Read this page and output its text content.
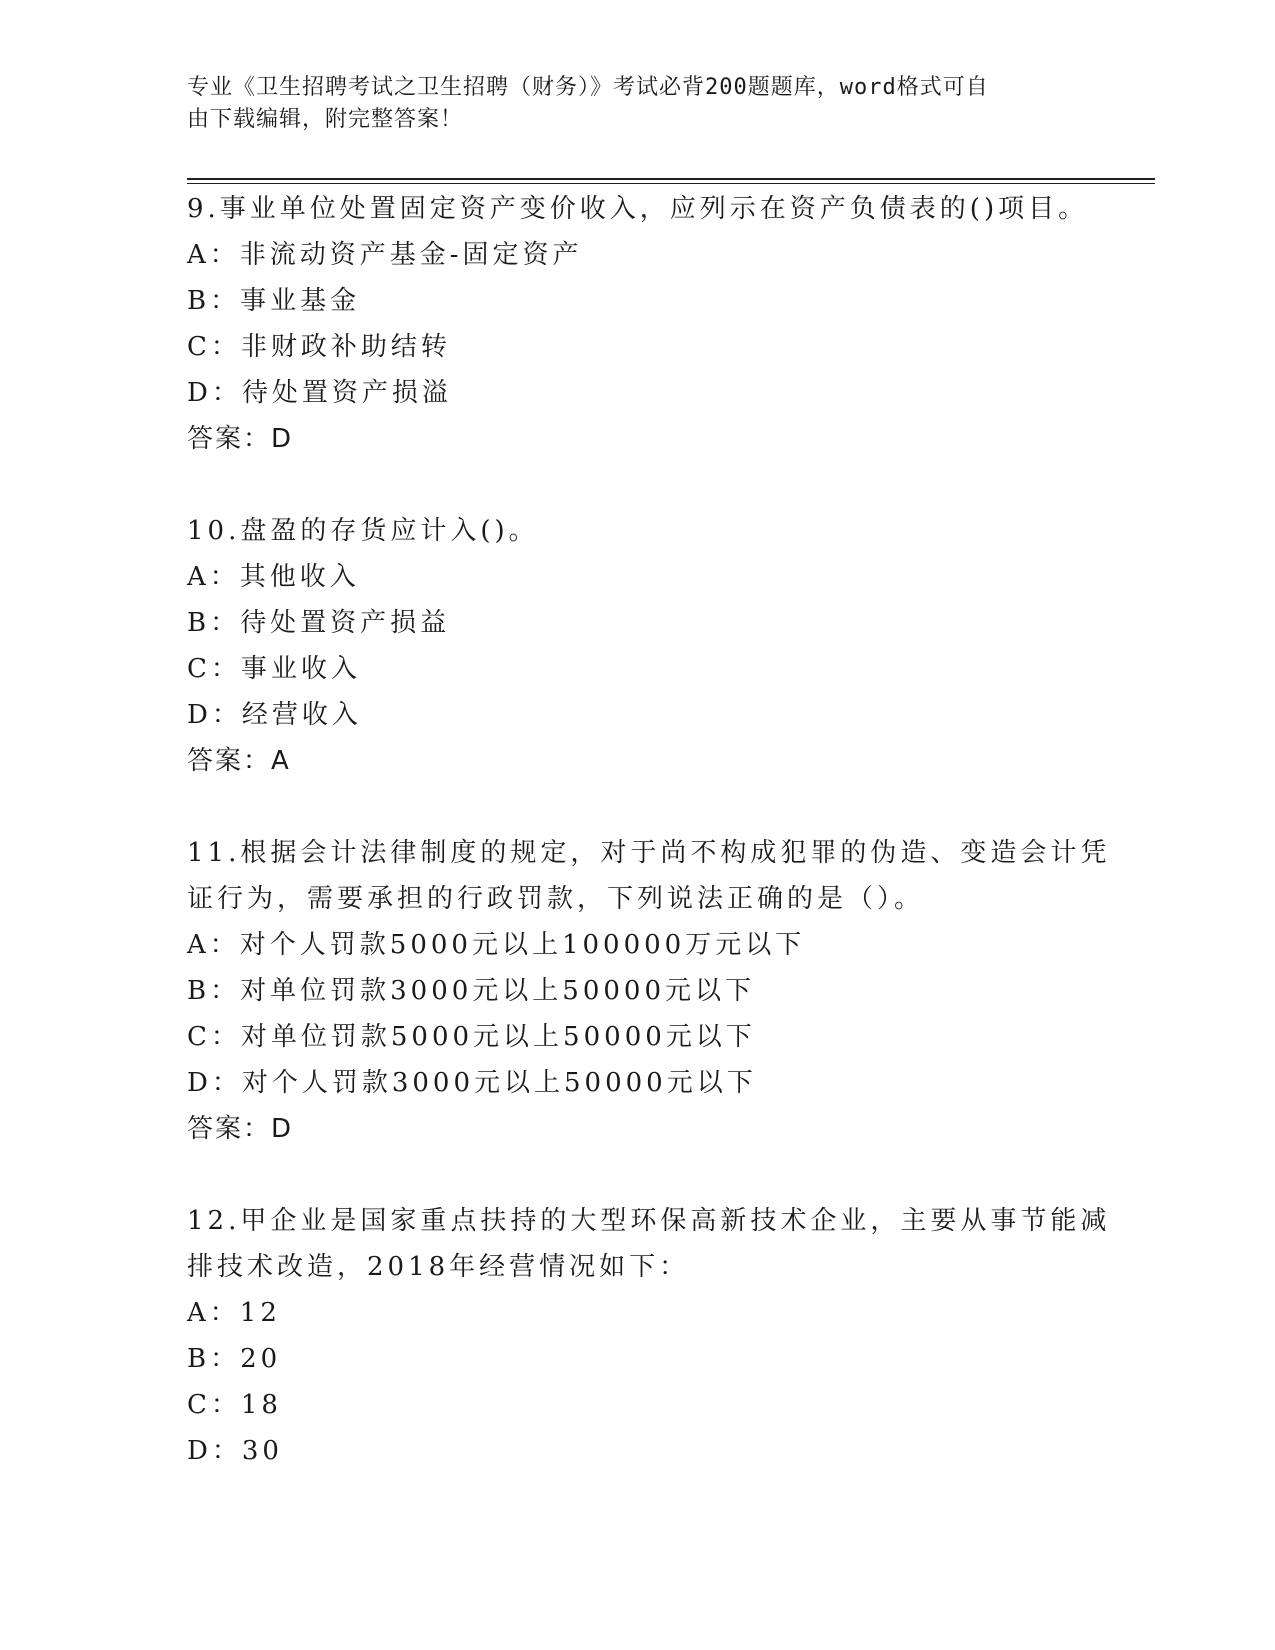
专业《卫生招聘考试之卫生招聘（财务）》考试必背200题题库，word格式可自
由下载编辑，附完整答案！
9.事业单位处置固定资产变价收入，应列示在资产负债表的()项目。
A：非流动资产基金-固定资产
B：事业基金
C：非财政补助结转
D：待处置资产损溢
答案：D
10.盘盈的存货应计入()。
A：其他收入
B：待处置资产损益
C：事业收入
D：经营收入
答案：A
11.根据会计法律制度的规定，对于尚不构成犯罪的伪造、变造会计凭
证行为，需要承担的行政罚款，下列说法正确的是（）。
A：对个人罚款5000元以上100000万元以下
B：对单位罚款3000元以上50000元以下
C：对单位罚款5000元以上50000元以下
D：对个人罚款3000元以上50000元以下
答案：D
12.甲企业是国家重点扶持的大型环保高新技术企业，主要从事节能减
排技术改造，2018年经营情况如下：
A：12
B：20
C：18
D：30
